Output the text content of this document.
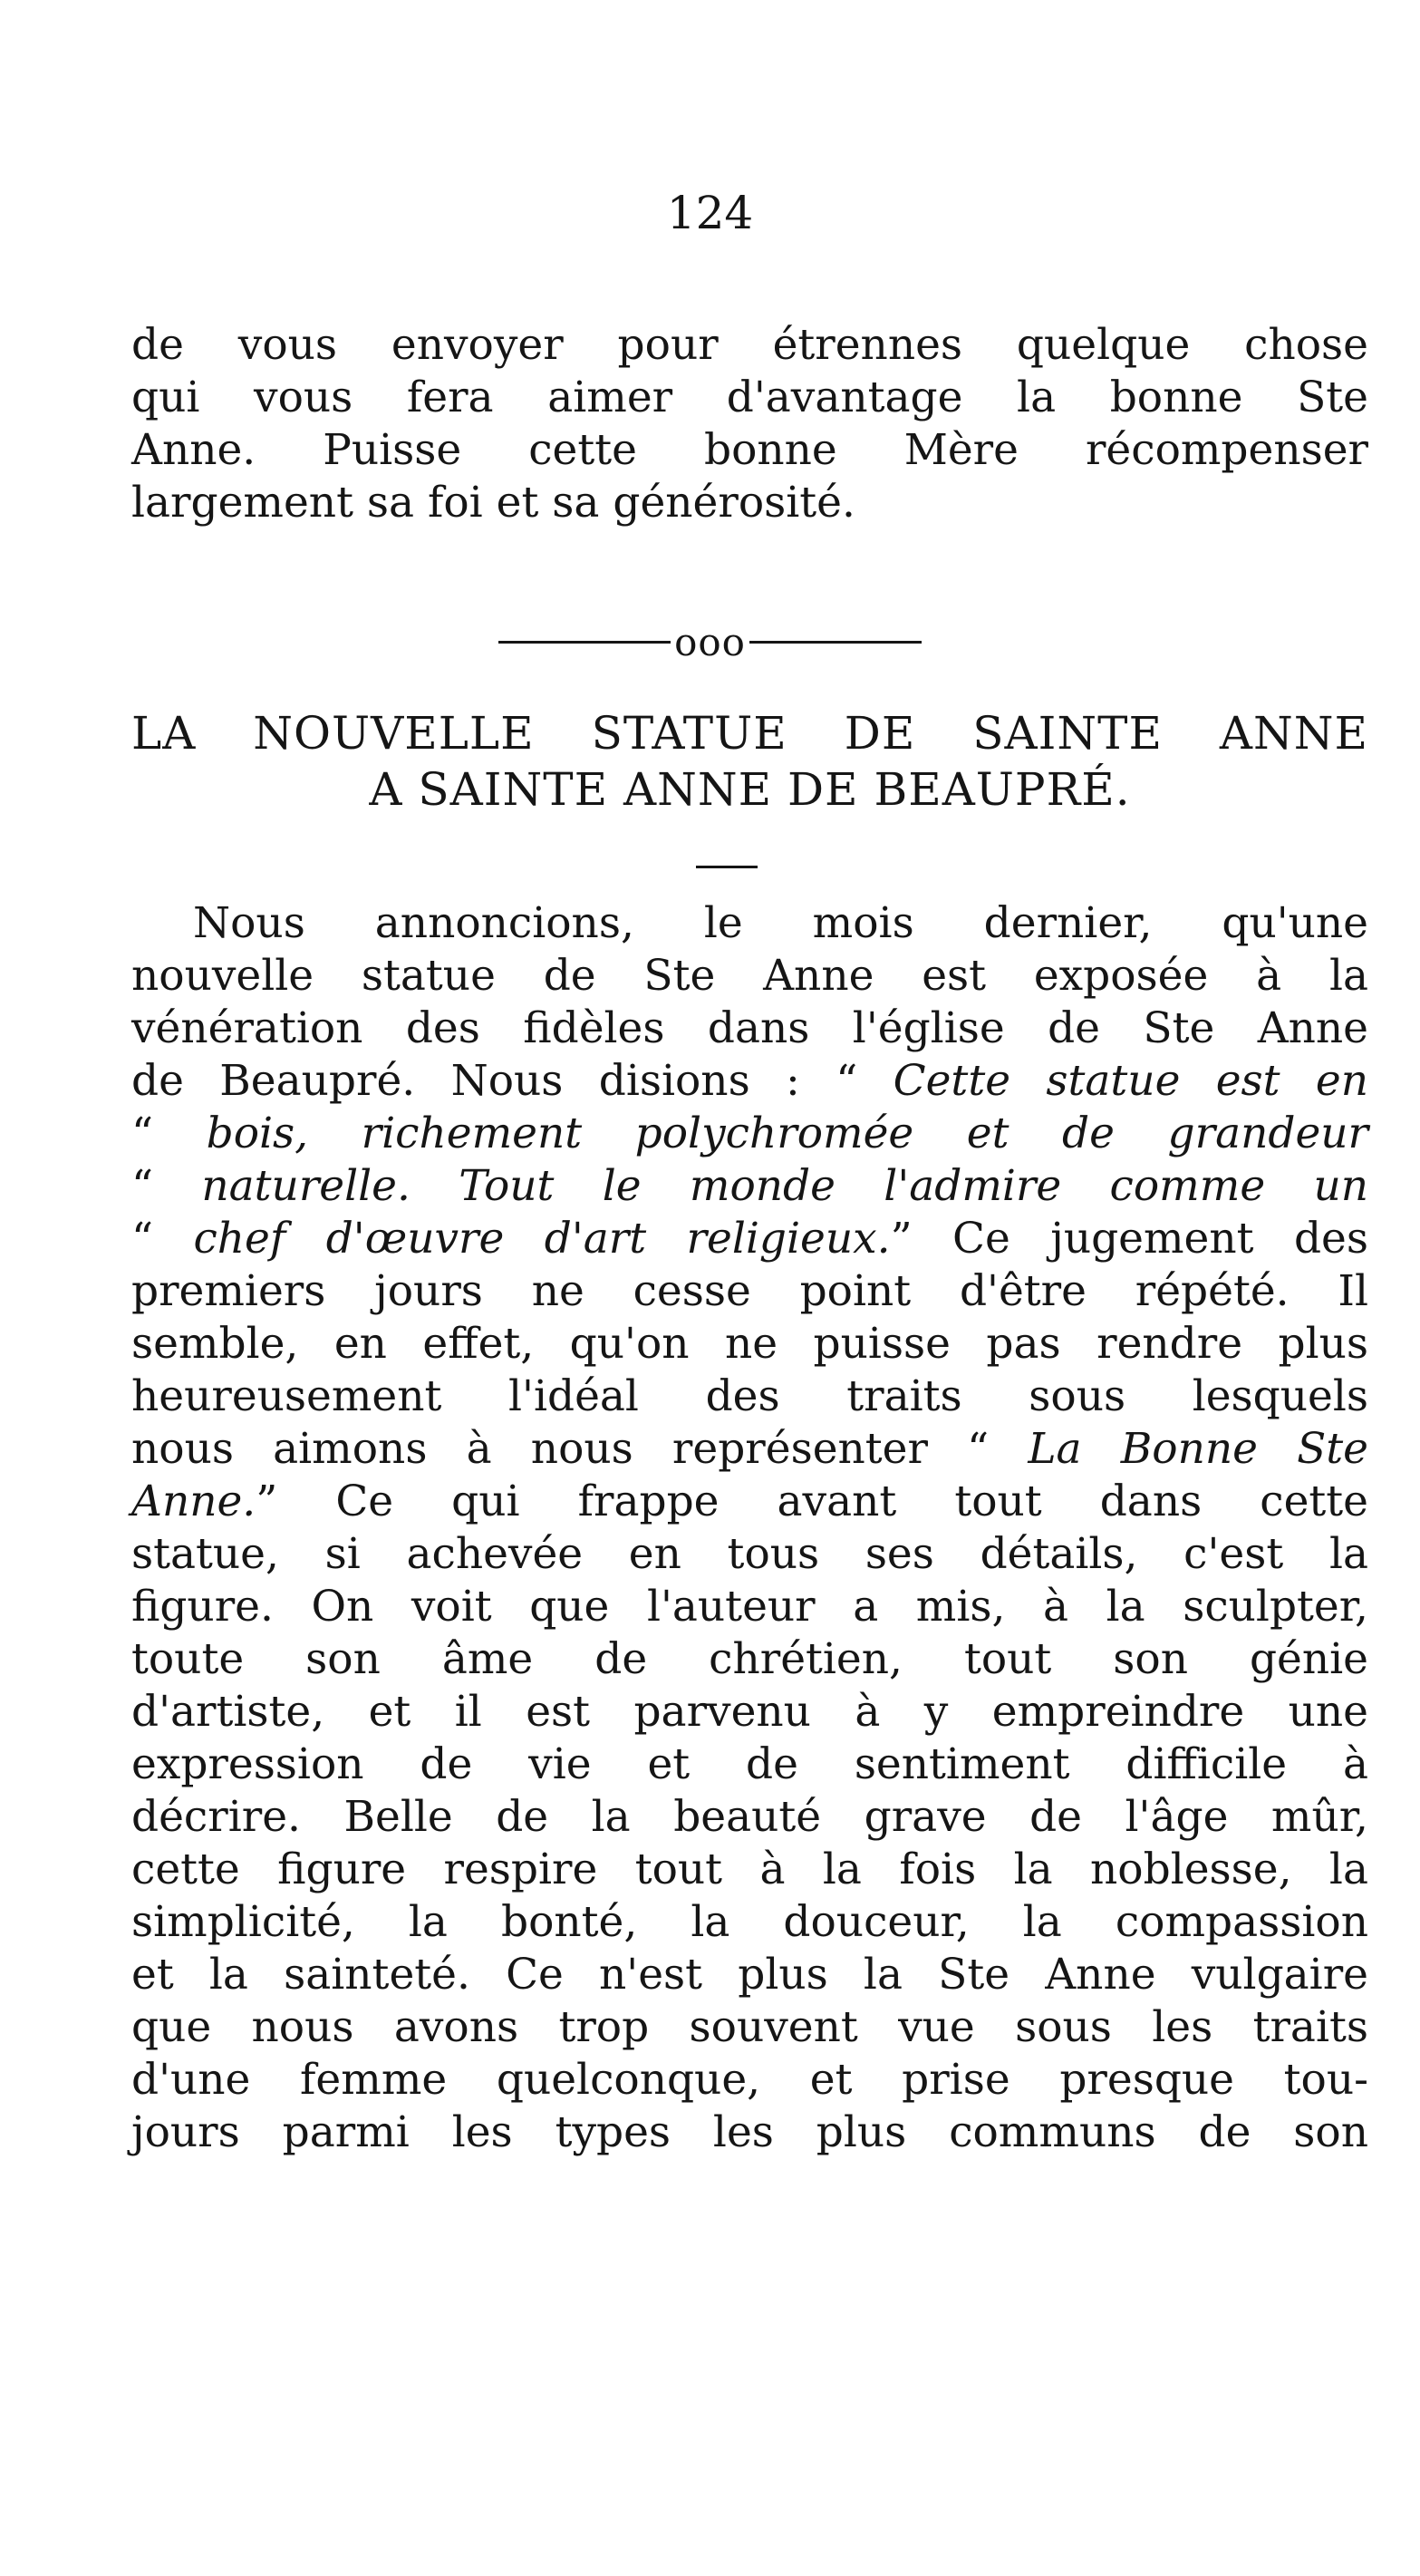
124
de vous envoyer pour étrennes quelque chose
qui vous fera aimer d'avantage la bonne Ste
Anne. Puisse cette bonne Mère récompenser
largement sa foi et sa générosité.
ooo
LA NOUVELLE STATUE DE SAINTE ANNE
A SAINTE ANNE DE BEAUPRÉ.
Nous annoncions, le mois dernier, qu'une
nouvelle statue de Ste Anne est exposée à la
vénération des fidèles dans l'église de Ste Anne
de Beaupré. Nous disions : “ Cette statue est en
“ bois, richement polychromée et de grandeur
“ naturelle. Tout le monde l'admire comme un
“ chef d'œuvre d'art religieux.” Ce jugement des
premiers jours ne cesse point d'être répété. Il
semble, en effet, qu'on ne puisse pas rendre plus
heureusement l'idéal des traits sous lesquels
nous aimons à nous représenter “ La Bonne Ste
Anne.” Ce qui frappe avant tout dans cette
statue, si achevée en tous ses détails, c'est la
figure. On voit que l'auteur a mis, à la sculpter,
toute son âme de chrétien, tout son génie
d'artiste, et il est parvenu à y empreindre une
expression de vie et de sentiment difficile à
décrire. Belle de la beauté grave de l'âge mûr,
cette figure respire tout à la fois la noblesse, la
simplicité, la bonté, la douceur, la compassion
et la sainteté. Ce n'est plus la Ste Anne vulgaire
que nous avons trop souvent vue sous les traits
d'une femme quelconque, et prise presque tou-
jours parmi les types les plus communs de son
